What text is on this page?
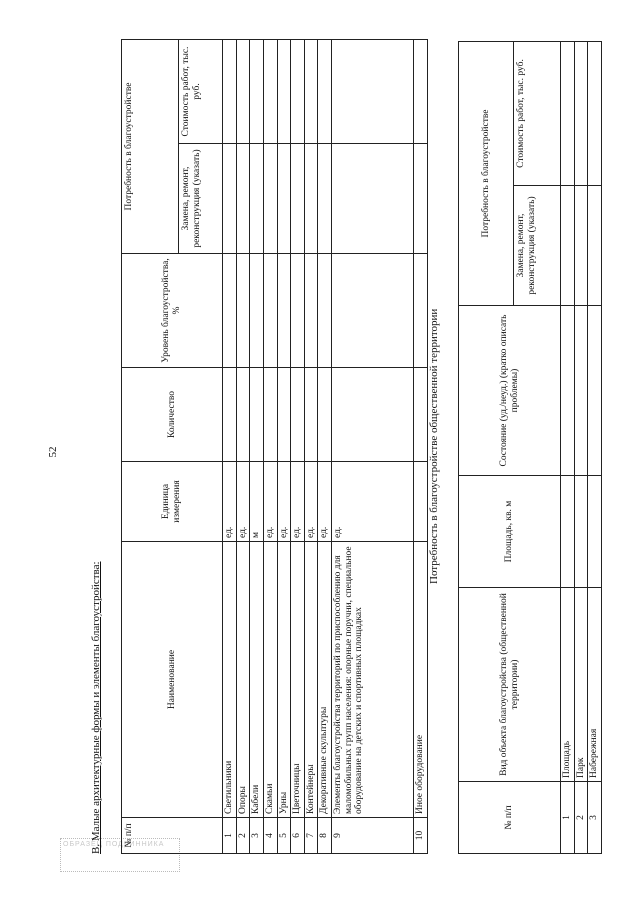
52
ОБРАЗЕЦ ПОДЛИННИКА
В. Малые архитектурные формы и элементы благоустройства: № п/п	Наименование	Единица измерения	Количество	Уровень благоустройства, %	Потребность в благоустройстве	
					Замена, ремонт, реконструкция (указать)	Стоимость работ, тыс. руб.
1	Светильники	ед.				
2	Опоры	ед.				
3	Кабели	м				
4	Скамьи	ед.				
5	Урны	ед.				
6	Цветочницы	ед.				
7	Контейнеры	ед.				
8	Декоративные скульптуры	ед.				
9	Элементы благоустройства территорий по приспособлению для маломобильных групп населения: опорные поручни, специальное оборудование на детских и спортивных площадках	ед.				
10	Иное оборудование					
Потребность в благоустройстве общественной территории
№ п/п	Вид объекта благоустройства (общественной территории)	Площадь, кв. м	Состояние (уд./неуд.) (кратко описать проблемы)	Потребность в благоустройстве	
				Замена, ремонт, реконструкция (указать)	Стоимость работ, тыс. руб.
1	Площадь				
2	Парк				
3	Набережная				
